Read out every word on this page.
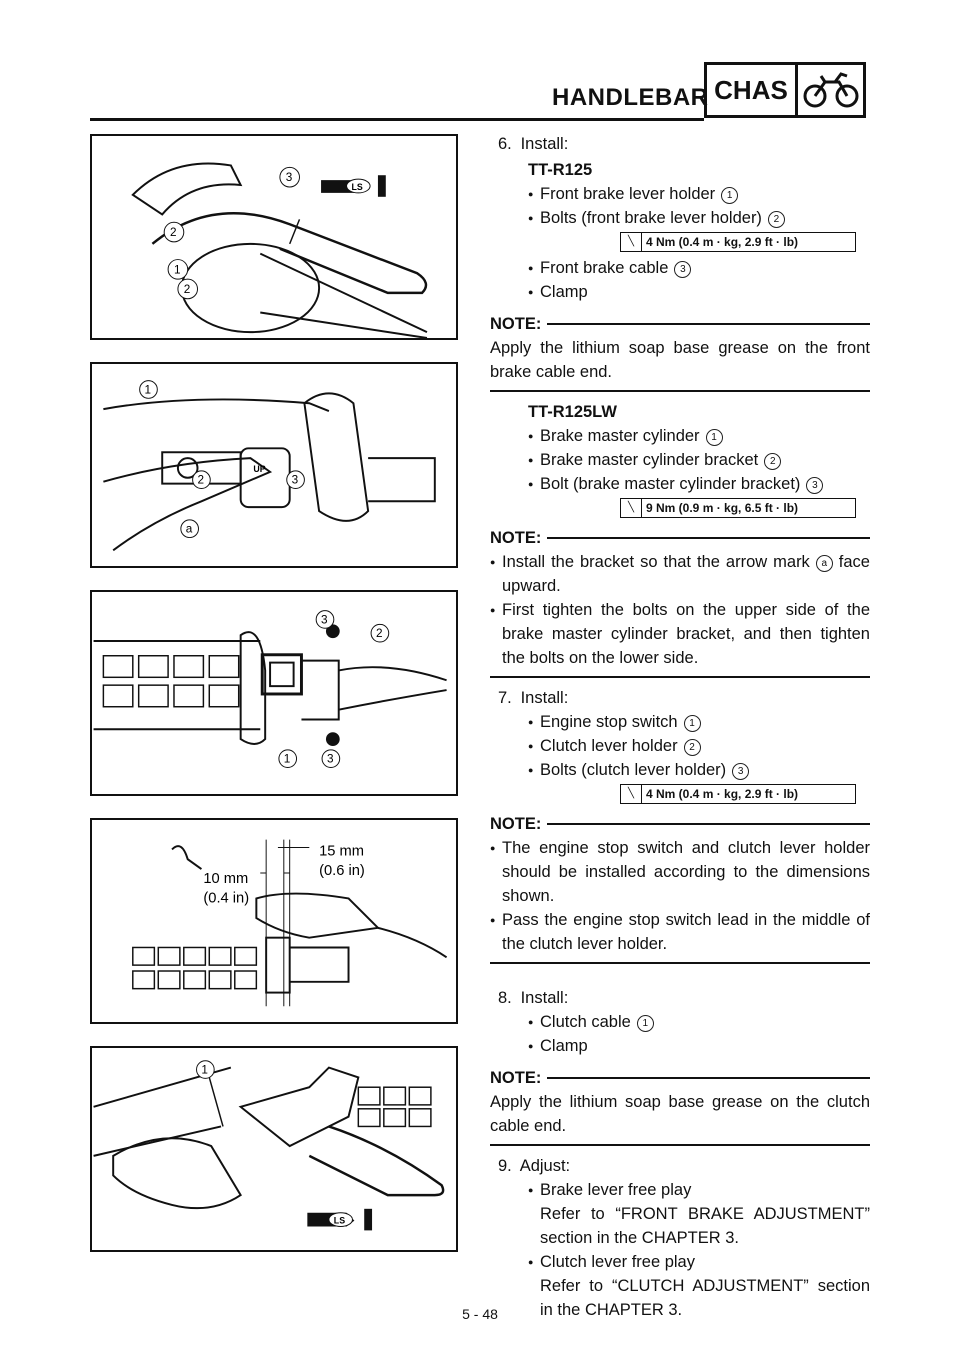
HANDLEBAR CHAS
3
2
1
2
LS
UP
1
2	3
a
3
2
1	3
15 mm
(0.6 in)
10 mm
(0.4 in)
1
LS
6. Install:
TT-R125
● Front brake lever holder 1
● Bolts (front brake lever holder) 2
╲ 4 Nm (0.4 m · kg, 2.9 ft · lb)
● Front brake cable 3
● Clamp
NOTE:
Apply the lithium soap base grease on the front brake cable end.
TT-R125LW
● Brake master cylinder 1
● Brake master cylinder bracket 2
● Bolt (brake master cylinder bracket) 3
╲ 9 Nm (0.9 m · kg, 6.5 ft · lb)
NOTE:
● Install the bracket so that the arrow mark a face upward.
● First tighten the bolts on the upper side of the brake master cylinder bracket, and then tighten the bolts on the lower side.
7. Install:
● Engine stop switch 1
● Clutch lever holder 2
● Bolts (clutch lever holder) 3
╲ 4 Nm (0.4 m · kg, 2.9 ft · lb)
NOTE:
● The engine stop switch and clutch lever holder should be installed according to the dimensions shown.
● Pass the engine stop switch lead in the middle of the clutch lever holder.
8. Install:
● Clutch cable 1
● Clamp
NOTE:
Apply the lithium soap base grease on the clutch cable end.
9. Adjust:
● Brake lever free play
Refer to “FRONT BRAKE ADJUSTMENT” section in the CHAPTER 3.
● Clutch lever free play
Refer to “CLUTCH ADJUSTMENT” section in the CHAPTER 3.
5 - 48
